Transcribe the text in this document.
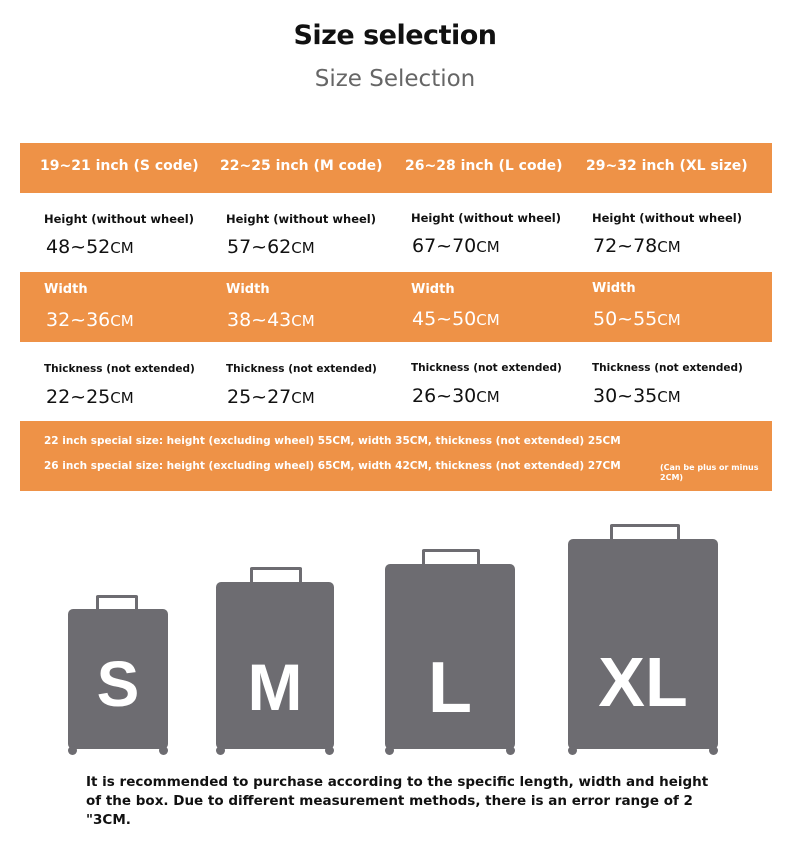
Size selection
Size Selection
19~21 inch (S code) 22~25 inch (M code) 26~28 inch (L code) 29~32 inch (XL size)
Height (without wheel)	Height (without wheel)	Height (without wheel)	Height (without wheel)
48~52CM	57~62CM	67~70CM	72~78CM
Width	Width	Width	Width
32~36CM	38~43CM	45~50CM	50~55CM
Thickness (not extended)	Thickness (not extended)	Thickness (not extended)	Thickness (not extended)
22~25CM	25~27CM	26~30CM	30~35CM
22 inch special size: height (excluding wheel) 55CM, width 35CM, thickness (not extended) 25CM
26 inch special size: height (excluding wheel) 65CM, width 42CM, thickness (not extended) 27CM	(Can be plus or minus 2CM)
S	M	L	XL
It is recommended to purchase according to the specific length, width and height of the box. Due to different measurement methods, there is an error range of 2 "3CM.
